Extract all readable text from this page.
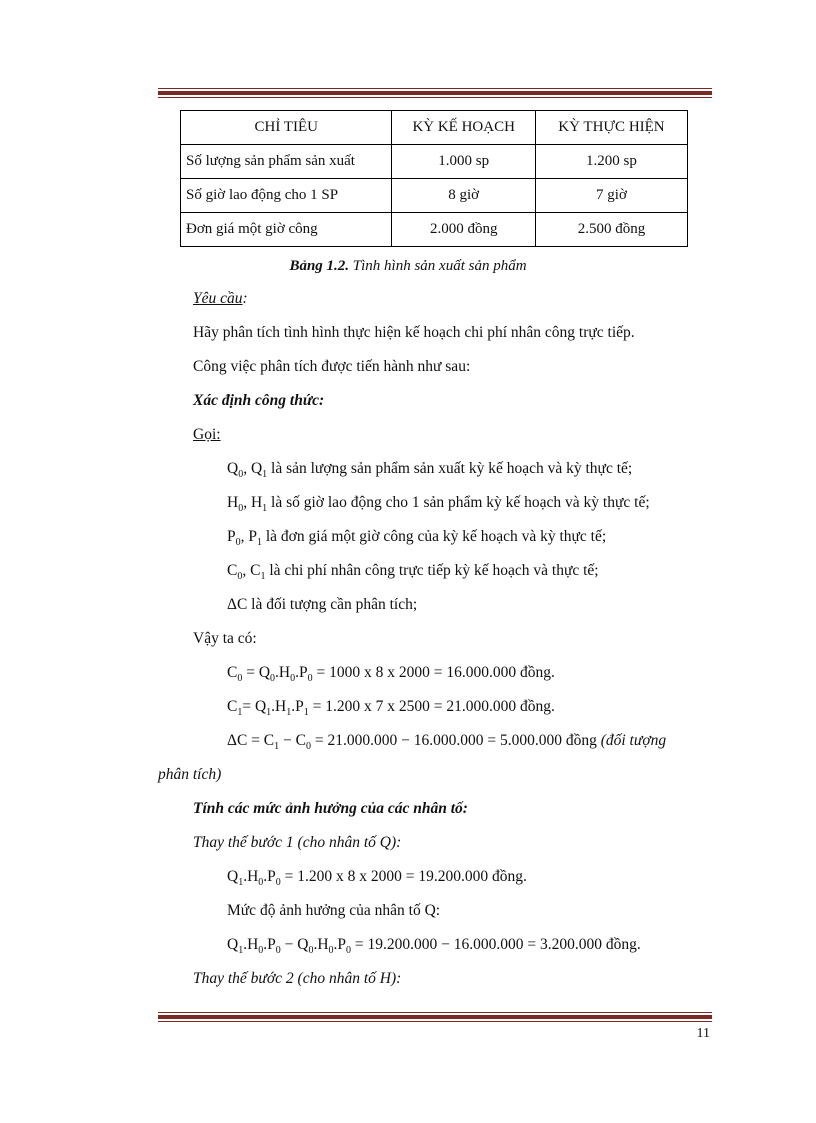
CHỈ TIÊU	KỲ KẾ HOẠCH	KỲ THỰC HIỆN
Số lượng sản phẩm sản xuất	1.000 sp	1.200 sp
Số giờ lao động cho 1 SP	8 giờ	7 giờ
Đơn giá một giờ công	2.000 đồng	2.500 đồng
Bảng 1.2. Tình hình sản xuất sản phẩm
Yêu cầu:
Hãy phân tích tình hình thực hiện kế hoạch chi phí nhân công trực tiếp.
Công việc phân tích được tiến hành như sau:
Xác định công thức:
Gọi:
$Q_0$, $Q_1$ là sản lượng sản phẩm sản xuất kỳ kế hoạch và kỳ thực tế;
$H_0$, $H_1$ là số giờ lao động cho 1 sản phẩm kỳ kế hoạch và kỳ thực tế;
$P_0$, $P_1$ là đơn giá một giờ công của kỳ kế hoạch và kỳ thực tế;
$C_0$, $C_1$ là chi phí nhân công trực tiếp kỳ kế hoạch và thực tế;
ΔC là đối tượng cần phân tích;
Vậy ta có:
$C_0 = Q_0.H_0.P_0 = 1000$ x 8 x 2000 = 16.000.000 đồng.
$C_1= Q_1.H_1.P_1 = 1.200$ x 7 x 2500 = 21.000.000 đồng.
$\Delta C = C_1 - C_0 = 21.000.000 - 16.000.000 = 5.000.000$ đồng (đối tượng
phân tích)
Tính các mức ảnh hưởng của các nhân tố:
Thay thế bước 1 (cho nhân tố Q):
$Q_1.H_0.P_0 = 1.200$ x 8 x 2000 = 19.200.000 đồng.
Mức độ ảnh hưởng của nhân tố Q:
$Q_1.H_0.P_0 - Q_0.H_0.P_0 = 19.200.000 - 16.000.000 = 3.200.000$ đồng.
Thay thế bước 2 (cho nhân tố H):
11
